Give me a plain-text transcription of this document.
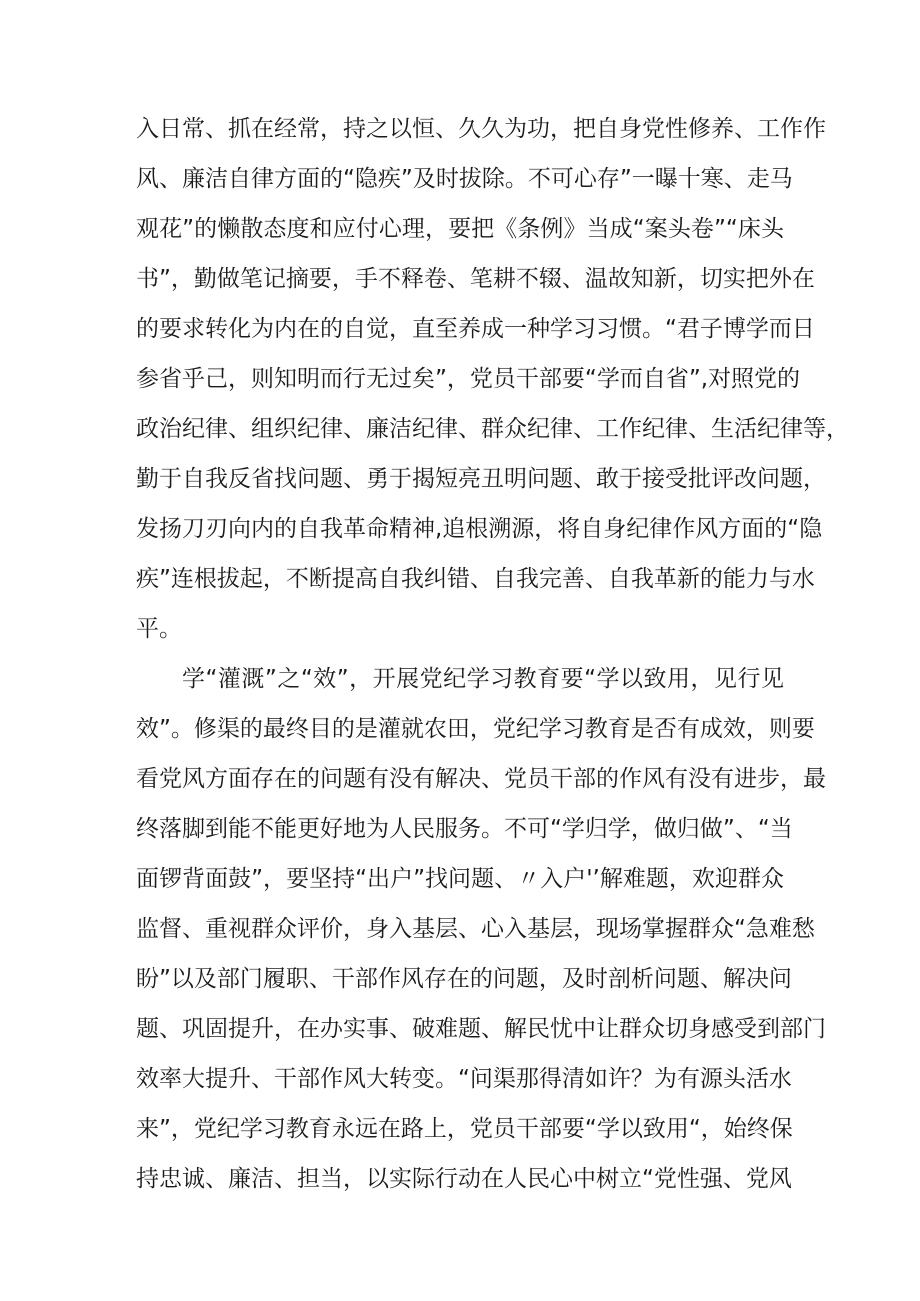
入日常、抓在经常，持之以恒、久久为功，把自身党性修养、工作作
风、廉洁自律方面的“隐疾”及时拔除。不可心存”一曝十寒、走马
观花”的懒散态度和应付心理，要把《条例》当成“案头卷”“床头
书”，勤做笔记摘要，手不释卷、笔耕不辍、温故知新，切实把外在
的要求转化为内在的自觉，直至养成一种学习习惯。“君子博学而日
参省乎己，则知明而行无过矣”，党员干部要“学而自省”,对照党的
政治纪律、组织纪律、廉洁纪律、群众纪律、工作纪律、生活纪律等，
勤于自我反省找问题、勇于揭短亮丑明问题、敢于接受批评改问题，
发扬刀刃向内的自我革命精神,追根溯源，将自身纪律作风方面的“隐
疾”连根拔起，不断提高自我纠错、自我完善、自我革新的能力与水
平。
学“灌溉”之“效”，开展党纪学习教育要“学以致用，见行见
效”。修渠的最终目的是灌就农田，党纪学习教育是否有成效，则要
看党风方面存在的问题有没有解决、党员干部的作风有没有进步，最
终落脚到能不能更好地为人民服务。不可“学归学，做归做”、“当
面锣背面鼓”，要坚持“出户”找问题、〃入户'’解难题，欢迎群众
监督、重视群众评价，身入基层、心入基层，现场掌握群众“急难愁
盼”以及部门履职、干部作风存在的问题，及时剖析问题、解决问
题、巩固提升，在办实事、破难题、解民忧中让群众切身感受到部门
效率大提升、干部作风大转变。“问渠那得清如许？为有源头活水
来”，党纪学习教育永远在路上，党员干部要“学以致用“，始终保
持忠诚、廉洁、担当，以实际行动在人民心中树立“党性强、党风
